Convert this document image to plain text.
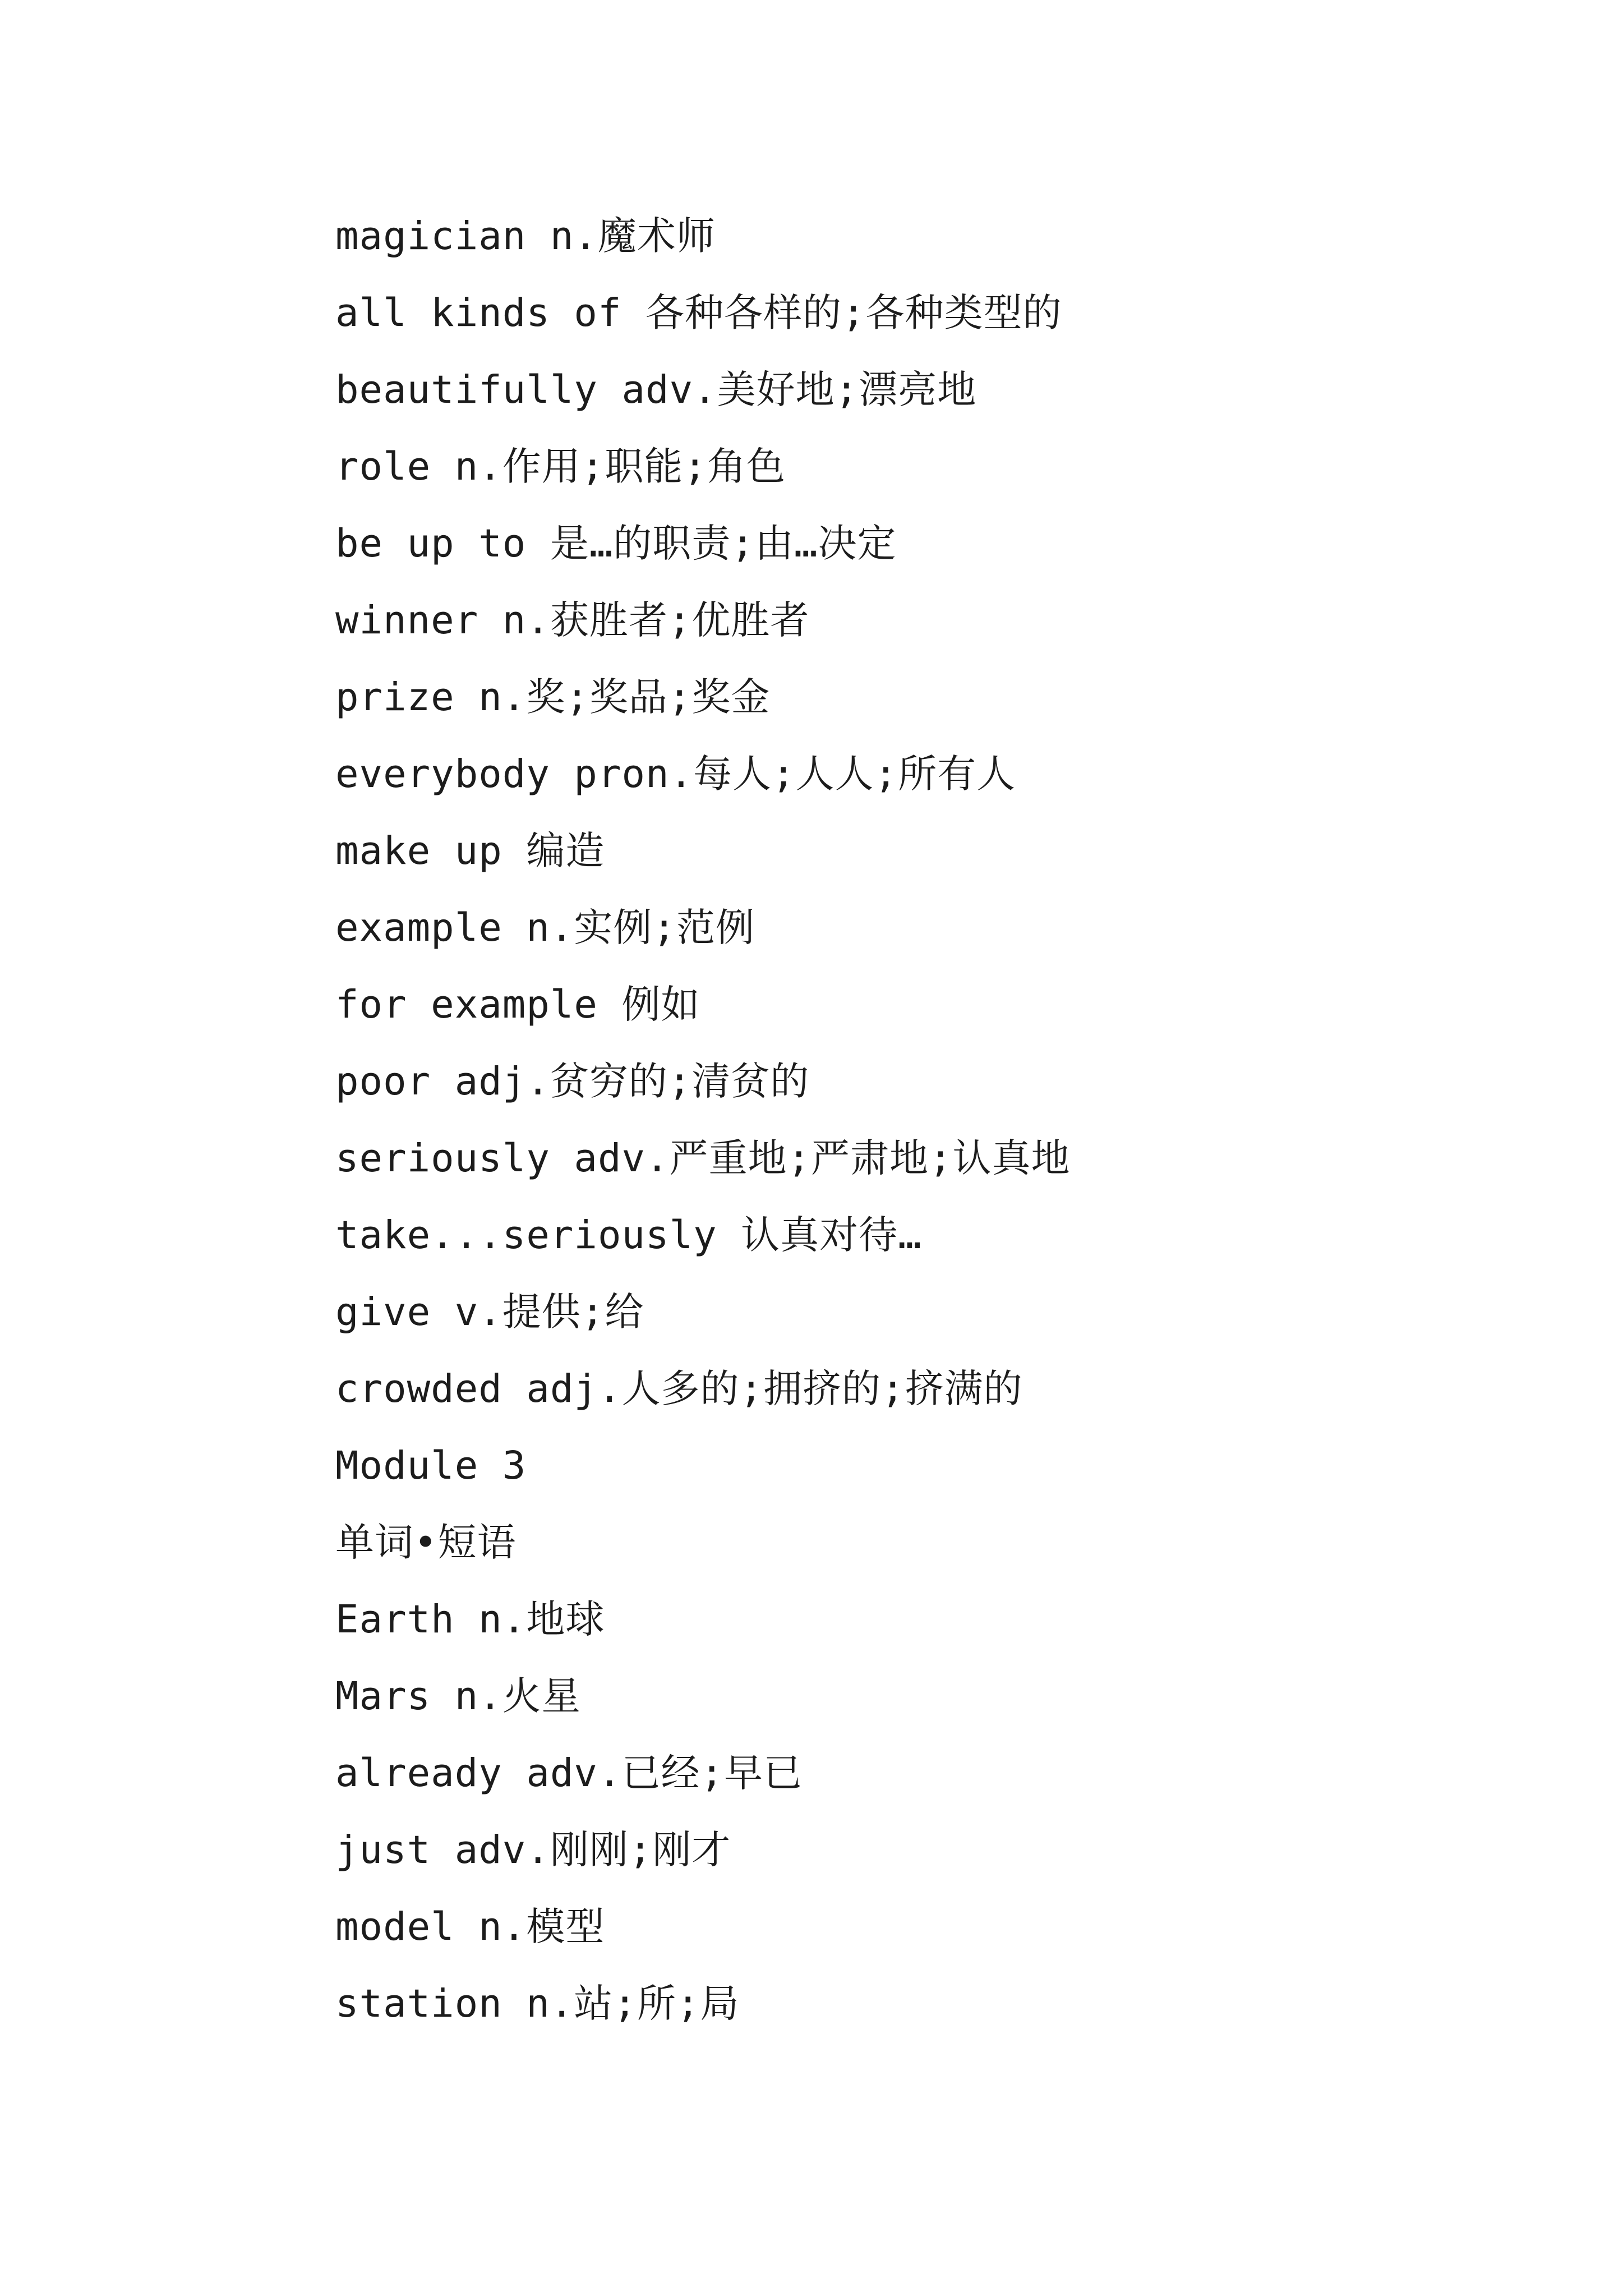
magician n.魔术师
all kinds of 各种各样的;各种类型的
beautifully adv.美好地;漂亮地
role n.作用;职能;角色
be up to 是…的职责;由…决定
winner n.获胜者;优胜者
prize n.奖;奖品;奖金
everybody pron.每人;人人;所有人
make up 编造
example n.实例;范例
for example 例如
poor adj.贫穷的;清贫的
seriously adv.严重地;严肃地;认真地
take...seriously 认真对待…
give v.提供;给
crowded adj.人多的;拥挤的;挤满的
Module 3
单词•短语
Earth n.地球
Mars n.火星
already adv.已经;早已
just adv.刚刚;刚才
model n.模型
station n.站;所;局
